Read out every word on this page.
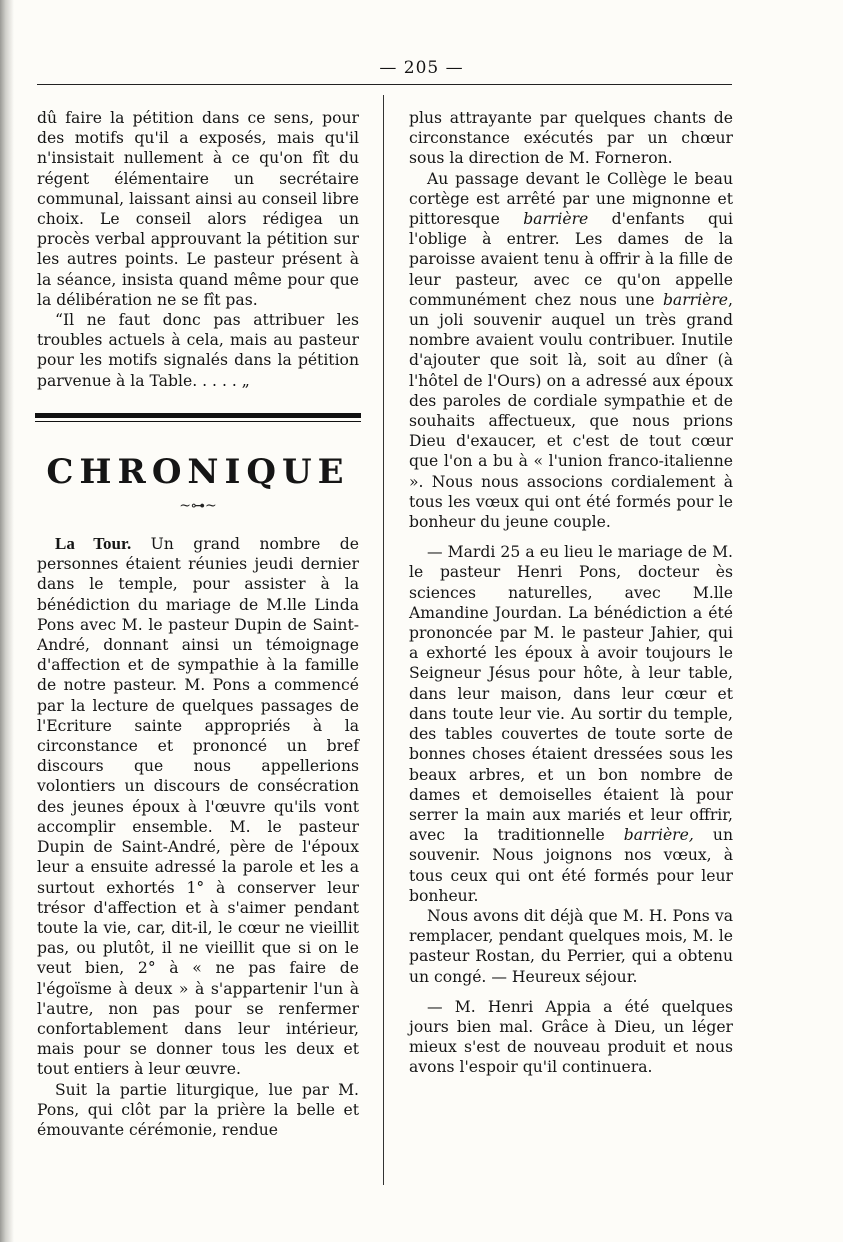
— 205 —

dû faire la pétition dans ce sens, pour des motifs qu'il a exposés, mais qu'il n'insistait nullement à ce qu'on fît du régent élémentaire un secrétaire communal, laissant ainsi au conseil libre choix. Le conseil alors rédigea un procès verbal approuvant la pétition sur les autres points. Le pasteur présent à la séance, insista quand même pour que la délibération ne se fît pas.

“Il ne faut donc pas attribuer les troubles actuels à cela, mais au pasteur pour les motifs signalés dans la pétition parvenue à la Table. . . . . „

CHRONIQUE
~⊶~

La Tour. Un grand nombre de personnes étaient réunies jeudi dernier dans le temple, pour assister à la bénédiction du mariage de M.lle Linda Pons avec M. le pasteur Dupin de Saint-André, donnant ainsi un témoignage d'affection et de sympathie à la famille de notre pasteur. M. Pons a commencé par la lecture de quelques passages de l'Ecriture sainte appropriés à la circonstance et prononcé un bref discours que nous appellerions volontiers un discours de consécration des jeunes époux à l'œuvre qu'ils vont accomplir ensemble. M. le pasteur Dupin de Saint-André, père de l'époux leur a ensuite adressé la parole et les a surtout exhortés 1° à conserver leur trésor d'affection et à s'aimer pendant toute la vie, car, dit-il, le cœur ne vieillit pas, ou plutôt, il ne vieillit que si on le veut bien, 2° à « ne pas faire de l'égoïsme à deux » à s'appartenir l'un à l'autre, non pas pour se renfermer confortablement dans leur intérieur, mais pour se donner tous les deux et tout entiers à leur œuvre.

Suit la partie liturgique, lue par M. Pons, qui clôt par la prière la belle et émouvante cérémonie, rendue

plus attrayante par quelques chants de circonstance exécutés par un chœur sous la direction de M. Forneron.

Au passage devant le Collège le beau cortège est arrêté par une mignonne et pittoresque barrière d'enfants qui l'oblige à entrer. Les dames de la paroisse avaient tenu à offrir à la fille de leur pasteur, avec ce qu'on appelle communément chez nous une barrière, un joli souvenir auquel un très grand nombre avaient voulu contribuer. Inutile d'ajouter que soit là, soit au dîner (à l'hôtel de l'Ours) on a adressé aux époux des paroles de cordiale sympathie et de souhaits affectueux, que nous prions Dieu d'exaucer, et c'est de tout cœur que l'on a bu à « l'union franco-italienne ». Nous nous associons cordialement à tous les vœux qui ont été formés pour le bonheur du jeune couple.

— Mardi 25 a eu lieu le mariage de M. le pasteur Henri Pons, docteur ès sciences naturelles, avec M.lle Amandine Jourdan. La bénédiction a été prononcée par M. le pasteur Jahier, qui a exhorté les époux à avoir toujours le Seigneur Jésus pour hôte, à leur table, dans leur maison, dans leur cœur et dans toute leur vie. Au sortir du temple, des tables couvertes de toute sorte de bonnes choses étaient dressées sous les beaux arbres, et un bon nombre de dames et demoiselles étaient là pour serrer la main aux mariés et leur offrir, avec la traditionnelle barrière, un souvenir. Nous joignons nos vœux, à tous ceux qui ont été formés pour leur bonheur.

Nous avons dit déjà que M. H. Pons va remplacer, pendant quelques mois, M. le pasteur Rostan, du Perrier, qui a obtenu un congé. — Heureux séjour.

— M. Henri Appia a été quelques jours bien mal. Grâce à Dieu, un léger mieux s'est de nouveau produit et nous avons l'espoir qu'il continuera.
